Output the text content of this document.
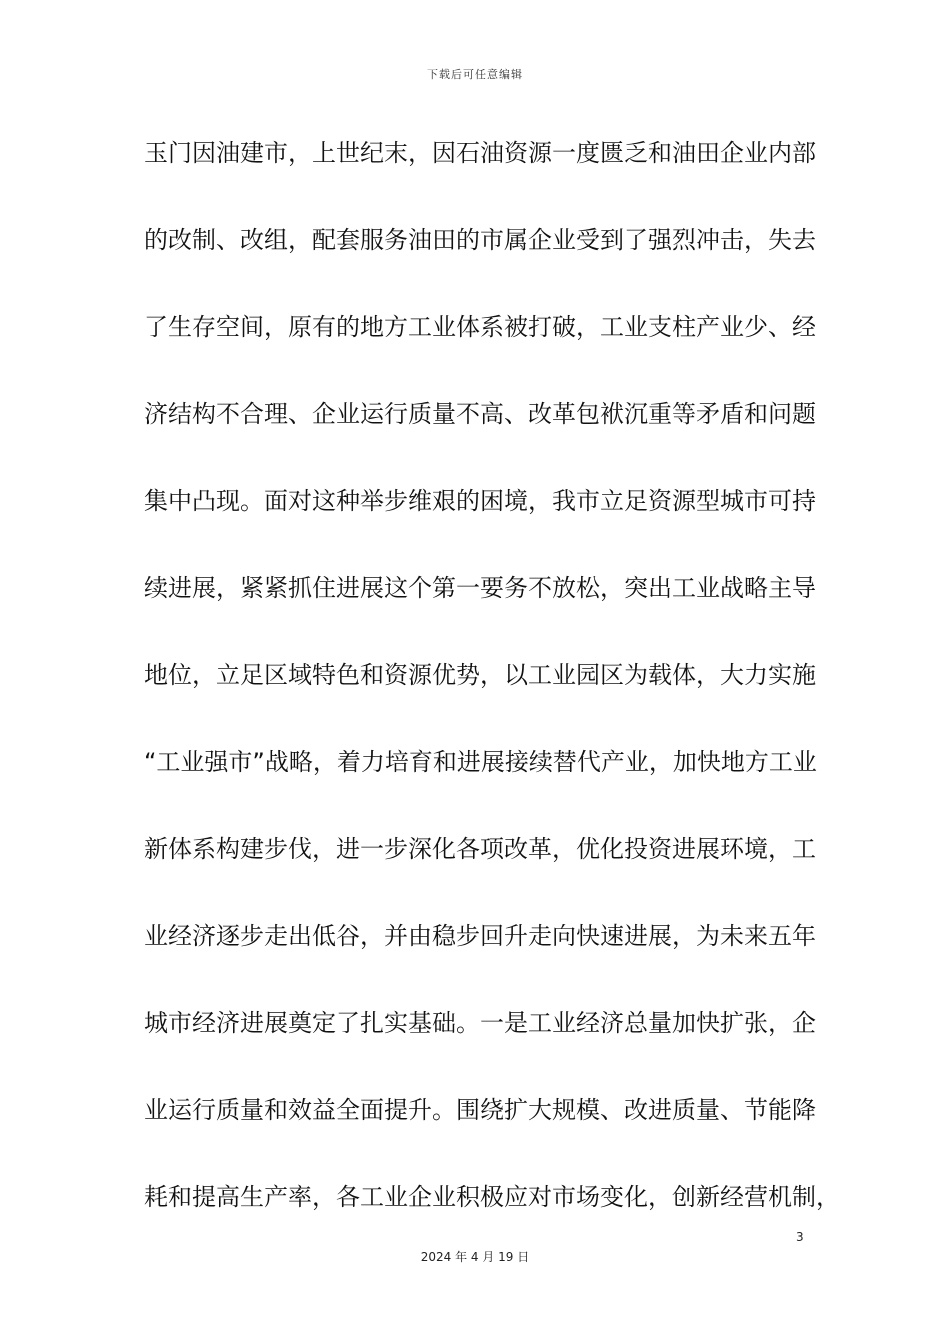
下载后可任意编辑
玉门因油建市，上世纪末，因石油资源一度匮乏和油田企业内部
的改制、改组，配套服务油田的市属企业受到了强烈冲击，失去
了生存空间，原有的地方工业体系被打破，工业支柱产业少、经
济结构不合理、企业运行质量不高、改革包袱沉重等矛盾和问题
集中凸现。面对这种举步维艰的困境，我市立足资源型城市可持
续进展，紧紧抓住进展这个第一要务不放松，突出工业战略主导
地位，立足区域特色和资源优势，以工业园区为载体，大力实施
“工业强市”战略，着力培育和进展接续替代产业，加快地方工业
新体系构建步伐，进一步深化各项改革，优化投资进展环境，工
业经济逐步走出低谷，并由稳步回升走向快速进展，为未来五年
城市经济进展奠定了扎实基础。一是工业经济总量加快扩张，企
业运行质量和效益全面提升。围绕扩大规模、改进质量、节能降
耗和提高生产率，各工业企业积极应对市场变化，创新经营机制，
3
2024 年 4 月 19 日
